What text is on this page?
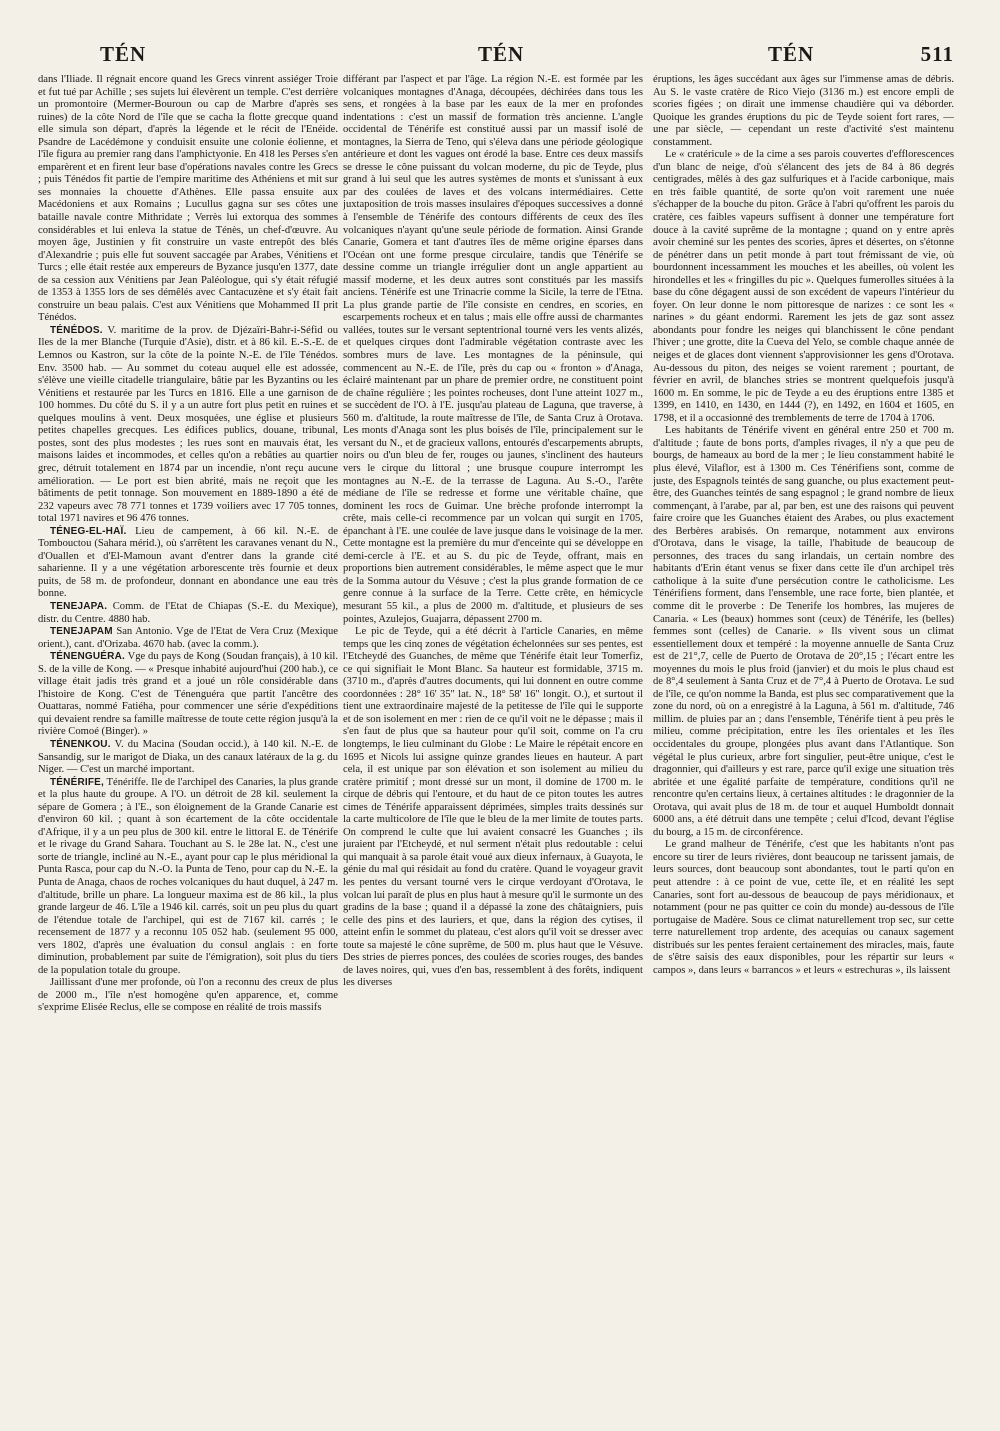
TÉN	TÉN	TÉN	511

dans l'Iliade. Il régnait encore quand les Grecs vinrent assiéger Troie et fut tué par Achille ; ses sujets lui élevèrent un temple. C'est derrière un promontoire (Mermer-Bouroun ou cap de Marbre d'après ses ruines) de la côte Nord de l'île que se cacha la flotte grecque quand elle simula son départ, d'après la légende et le récit de l'Enéide. Psandre de Lacédémone y conduisit ensuite une colonie éolienne, et l'île figura au premier rang dans l'amphictyonie. En 418 les Perses s'en emparèrent et en firent leur base d'opérations navales contre les Grecs ; puis Ténédos fit partie de l'empire maritime des Athéniens et mit sur ses monnaies la chouette d'Athènes. Elle passa ensuite aux Macédoniens et aux Romains ; Lucullus gagna sur ses côtes une bataille navale contre Mithridate ; Verrès lui extorqua des sommes considérables et lui enleva la statue de Ténès, un chef-d'œuvre. Au moyen âge, Justinien y fit construire un vaste entrepôt des blés d'Alexandrie ; puis elle fut souvent saccagée par Arabes, Vénitiens et Turcs ; elle était restée aux empereurs de Byzance jusqu'en 1377, date de sa cession aux Vénitiens par Jean Paléologue, qui s'y était réfugié de 1353 à 1355 lors de ses démêlés avec Cantacuzène et s'y était fait construire un beau palais. C'est aux Vénitiens que Mohammed II prit Ténédos.

TÉNÉDOS. V. maritime de la prov. de Djézaïri-Bahr-i-Séfid ou Iles de la mer Blanche (Turquie d'Asie), distr. et à 86 kil. E.-S.-E. de Lemnos ou Kastron, sur la côte de la pointe N.-E. de l'île Ténédos. Env. 3500 hab. — Au sommet du coteau auquel elle est adossée, s'élève une vieille citadelle triangulaire, bâtie par les Byzantins ou les Vénitiens et restaurée par les Turcs en 1816. Elle a une garnison de 100 hommes. Du côté du S. il y a un autre fort plus petit en ruines et quelques moulins à vent. Deux mosquées, une église et plusieurs petites chapelles grecques. Les édifices publics, douane, tribunal, postes, sont des plus modestes ; les rues sont en mauvais état, les maisons laides et incommodes, et celles qu'on a rebâties au quartier grec, détruit totalement en 1874 par un incendie, n'ont reçu aucune amélioration. — Le port est bien abrité, mais ne reçoit que les bâtiments de petit tonnage. Son mouvement en 1889-1890 a été de 232 vapeurs avec 78 771 tonnes et 1739 voiliers avec 17 705 tonnes, total 1971 navires et 96 476 tonnes.

TÉNEG-EL-HAÏ. Lieu de campement, à 66 kil. N.-E. de Tombouctou (Sahara mérid.), où s'arrêtent les caravanes venant du N., d'Ouallen et d'El-Mamoun avant d'entrer dans la grande cité saharienne. Il y a une végétation arborescente très fournie et deux puits, de 58 m. de profondeur, donnant en abondance une eau très bonne.

TENEJAPA. Comm. de l'Etat de Chiapas (S.-E. du Mexique), distr. du Centre. 4880 hab.

TENEJAPAM San Antonio. Vge de l'Etat de Vera Cruz (Mexique orient.), cant. d'Orizaba. 4670 hab. (avec la comm.).

TÉNENGUÉRA. Vge du pays de Kong (Soudan français), à 10 kil. S. de la ville de Kong. — « Presque inhabité aujourd'hui (200 hab.), ce village était jadis très grand et a joué un rôle considérable dans l'histoire de Kong. C'est de Ténenguéra que partit l'ancêtre des Ouattaras, nommé Fatiéha, pour commencer une série d'expéditions qui devaient rendre sa famille maîtresse de toute cette région jusqu'à la rivière Comoé (Binger). »

TÉNENKOU. V. du Macina (Soudan occid.), à 140 kil. N.-E. de Sansandig, sur le marigot de Diaka, un des canaux latéraux de la g. du Niger. — C'est un marché important.

TÉNÉRIFE, Ténériffe. Ile de l'archipel des Canaries, la plus grande et la plus haute du groupe. A l'O. un détroit de 28 kil. seulement la sépare de Gomera ; à l'E., son éloignement de la Grande Canarie est d'environ 60 kil. ; quant à son écartement de la côte occidentale d'Afrique, il y a un peu plus de 300 kil. entre le littoral E. de Ténérife et le rivage du Grand Sahara. Touchant au S. le 28e lat. N., c'est une sorte de triangle, incliné au N.-E., ayant pour cap le plus méridional la Punta Rasca, pour cap du N.-O. la Punta de Teno, pour cap du N.-E. la Punta de Anaga, chaos de roches volcaniques du haut duquel, à 247 m. d'altitude, brille un phare. La longueur maxima est de 86 kil., la plus grande largeur de 46. L'île a 1946 kil. carrés, soit un peu plus du quart de l'étendue totale de l'archipel, qui est de 7167 kil. carrés ; le recensement de 1877 y a reconnu 105 052 hab. (seulement 95 000, vers 1802, d'après une évaluation du consul anglais : en forte diminution, probablement par suite de l'émigration), soit plus du tiers de la population totale du groupe.

Jaillissant d'une mer profonde, où l'on a reconnu des creux de plus de 2000 m., l'île n'est homogène qu'en apparence, et, comme s'exprime Elisée Reclus, elle se compose en réalité de trois massifs

différant par l'aspect et par l'âge. La région N.-E. est formée par les volcaniques montagnes d'Anaga, découpées, déchirées dans tous les sens, et rongées à la base par les eaux de la mer en profondes indentations : c'est un massif de formation très ancienne. L'angle occidental de Ténérife est constitué aussi par un massif isolé de montagnes, la Sierra de Teno, qui s'éleva dans une période géologique antérieure et dont les vagues ont érodé la base. Entre ces deux massifs se dresse le cône puissant du volcan moderne, du pic de Teyde, plus grand à lui seul que les autres systèmes de monts et s'unissant à eux par des coulées de laves et des volcans intermédiaires. Cette juxtaposition de trois masses insulaires d'époques successives a donné à l'ensemble de Ténérife des contours différents de ceux des îles volcaniques n'ayant qu'une seule période de formation. Ainsi Grande Canarie, Gomera et tant d'autres îles de même origine éparses dans l'Océan ont une forme presque circulaire, tandis que Ténérife se dessine comme un triangle irrégulier dont un angle appartient au massif moderne, et les deux autres sont constitués par les massifs anciens. Ténérife est une Trinacrie comme la Sicile, la terre de l'Etna. La plus grande partie de l'île consiste en cendres, en scories, en escarpements rocheux et en talus ; mais elle offre aussi de charmantes vallées, toutes sur le versant septentrional tourné vers les vents alizés, et quelques cirques dont l'admirable végétation contraste avec les sombres murs de lave. Les montagnes de la péninsule, qui commencent au N.-E. de l'île, près du cap ou « fronton » d'Anaga, éclairé maintenant par un phare de premier ordre, ne constituent point de chaîne régulière ; les pointes rocheuses, dont l'une atteint 1027 m., se succèdent de l'O. à l'E. jusqu'au plateau de Laguna, que traverse, à 560 m. d'altitude, la route maîtresse de l'île, de Santa Cruz à Orotava. Les monts d'Anaga sont les plus boisés de l'île, principalement sur le versant du N., et de gracieux vallons, entourés d'escarpements abrupts, noirs ou d'un bleu de fer, rouges ou jaunes, s'inclinent des hauteurs vers le cirque du littoral ; une brusque coupure interrompt les montagnes au N.-E. de la terrasse de Laguna. Au S.-O., l'arête médiane de l'île se redresse et forme une véritable chaîne, que dominent les rocs de Guimar. Une brèche profonde interrompt la crête, mais celle-ci recommence par un volcan qui surgit en 1705, épanchant à l'E. une coulée de lave jusque dans le voisinage de la mer. Cette montagne est la première du mur d'enceinte qui se développe en demi-cercle à l'E. et au S. du pic de Teyde, offrant, mais en proportions bien autrement considérables, le même aspect que le mur de la Somma autour du Vésuve ; c'est la plus grande formation de ce genre connue à la surface de la Terre. Cette crête, en hémicycle mesurant 55 kil., a plus de 2000 m. d'altitude, et plusieurs de ses pointes, Azulejos, Guajarra, dépassent 2700 m.

Le pic de Teyde, qui a été décrit à l'article Canaries, en même temps que les cinq zones de végétation échelonnées sur ses pentes, est l'Etcheydé des Guanches, de même que Ténérife était leur Tomerfiz, ce qui signifiait le Mont Blanc. Sa hauteur est formidable, 3715 m. (3710 m., d'après d'autres documents, qui lui donnent en outre comme coordonnées : 28° 16' 35" lat. N., 18° 58' 16" longit. O.), et surtout il tient une extraordinaire majesté de la petitesse de l'île qui le supporte et de son isolement en mer : rien de ce qu'il voit ne le dépasse ; mais il s'en faut de plus que sa hauteur pour qu'il soit, comme on l'a cru longtemps, le lieu culminant du Globe : Le Maire le répétait encore en 1695 et Nicols lui assigne quinze grandes lieues en hauteur. A part cela, il est unique par son élévation et son isolement au milieu du cratère primitif ; mont dressé sur un mont, il domine de 1700 m. le cirque de débris qui l'entoure, et du haut de ce piton toutes les autres cimes de Ténérife apparaissent déprimées, simples traits dessinés sur la carte multicolore de l'île que le bleu de la mer limite de toutes parts. On comprend le culte que lui avaient consacré les Guanches ; ils juraient par l'Etcheydé, et nul serment n'était plus redoutable : celui qui manquait à sa parole était voué aux dieux infernaux, à Guayota, le génie du mal qui résidait au fond du cratère. Quand le voyageur gravit les pentes du versant tourné vers le cirque verdoyant d'Orotava, le volcan lui paraît de plus en plus haut à mesure qu'il le surmonte un des gradins de la base ; quand il a dépassé la zone des châtaigniers, puis celle des pins et des lauriers, et que, dans la région des cytises, il atteint enfin le sommet du plateau, c'est alors qu'il voit se dresser avec toute sa majesté le cône suprême, de 500 m. plus haut que le Vésuve. Des stries de pierres ponces, des coulées de scories rouges, des bandes de laves noires, qui, vues d'en bas, ressemblent à des forêts, indiquent les diverses

éruptions, les âges succédant aux âges sur l'immense amas de débris. Au S. le vaste cratère de Rico Viejo (3136 m.) est encore empli de scories figées ; on dirait une immense chaudière qui va déborder. Quoique les grandes éruptions du pic de Teyde soient fort rares, — une par siècle, — cependant un reste d'activité s'est maintenu constamment.

Le « cratéricule » de la cime a ses parois couvertes d'efflorescences d'un blanc de neige, d'où s'élancent des jets de 84 à 86 degrés centigrades, mêlés à des gaz sulfuriques et à l'acide carbonique, mais en très faible quantité, de sorte qu'on voit rarement une nuée s'échapper de la bouche du piton. Grâce à l'abri qu'offrent les parois du cratère, ces faibles vapeurs suffisent à donner une température fort douce à la cavité suprême de la montagne ; quand on y entre après avoir cheminé sur les pentes des scories, âpres et désertes, on s'étonne de pénétrer dans un petit monde à part tout frémissant de vie, où bourdonnent incessamment les mouches et les abeilles, où volent les hirondelles et les « fringilles du pic ». Quelques fumerolles situées à la base du cône dégagent aussi de son excédent de vapeurs l'intérieur du foyer. On leur donne le nom pittoresque de narizes : ce sont les « narines » du géant endormi. Rarement les jets de gaz sont assez abondants pour fondre les neiges qui blanchissent le cône pendant l'hiver ; une grotte, dite la Cueva del Yelo, se comble chaque année de neiges et de glaces dont viennent s'approvisionner les gens d'Orotava. Au-dessous du piton, des neiges se voient rarement ; pourtant, de février en avril, de blanches stries se montrent quelquefois jusqu'à 1600 m. En somme, le pic de Teyde a eu des éruptions entre 1385 et 1399, en 1410, en 1430, en 1444 (?), en 1492, en 1604 et 1605, en 1798, et il a occasionné des tremblements de terre de 1704 à 1706.

Les habitants de Ténérife vivent en général entre 250 et 700 m. d'altitude ; faute de bons ports, d'amples rivages, il n'y a que peu de bourgs, de hameaux au bord de la mer ; le lieu constamment habité le plus élevé, Vilaflor, est à 1300 m. Ces Ténérifiens sont, comme de juste, des Espagnols teintés de sang guanche, ou plus exactement peut-être, des Guanches teintés de sang espagnol ; le grand nombre de lieux commençant, à l'arabe, par al, par ben, est une des raisons qui peuvent faire croire que les Guanches étaient des Arabes, ou plus exactement des Berbères arabisés. On remarque, notamment aux environs d'Orotava, dans le visage, la taille, l'habitude de beaucoup de personnes, des traces du sang irlandais, un certain nombre des habitants d'Erin étant venus se fixer dans cette île d'un archipel très catholique à la suite d'une persécution contre le catholicisme. Les Ténérifiens forment, dans l'ensemble, une race forte, bien plantée, et comme dit le proverbe : De Tenerife los hombres, las mujeres de Canaria. « Les (beaux) hommes sont (ceux) de Ténérife, les (belles) femmes sont (celles) de Canarie. » Ils vivent sous un climat essentiellement doux et tempéré : la moyenne annuelle de Santa Cruz est de 21°,7, celle de Puerto de Orotava de 20°,15 ; l'écart entre les moyennes du mois le plus froid (janvier) et du mois le plus chaud est de 8°,4 seulement à Santa Cruz et de 7°,4 à Puerto de Orotava. Le sud de l'île, ce qu'on nomme la Banda, est plus sec comparativement que la zone du nord, où on a enregistré à la Laguna, à 561 m. d'altitude, 746 millim. de pluies par an ; dans l'ensemble, Ténérife tient à peu près le milieu, comme précipitation, entre les îles orientales et les îles occidentales du groupe, plongées plus avant dans l'Atlantique. Son végétal le plus curieux, arbre fort singulier, peut-être unique, c'est le dragonnier, qui d'ailleurs y est rare, parce qu'il exige une situation très abritée et une égalité parfaite de température, conditions qu'il ne rencontre qu'en certains lieux, à certaines altitudes : le dragonnier de la Orotava, qui avait plus de 18 m. de tour et auquel Humboldt donnait 6000 ans, a été détruit dans une tempête ; celui d'Icod, devant l'église du bourg, a 15 m. de circonférence.

Le grand malheur de Ténérife, c'est que les habitants n'ont pas encore su tirer de leurs rivières, dont beaucoup ne tarissent jamais, de leurs sources, dont beaucoup sont abondantes, tout le parti qu'on en peut attendre : à ce point de vue, cette île, et en réalité les sept Canaries, sont fort au-dessous de beaucoup de pays méridionaux, et notamment (pour ne pas quitter ce coin du monde) au-dessous de l'île portugaise de Madère. Sous ce climat naturellement trop sec, sur cette terre naturellement trop ardente, des acequias ou canaux sagement distribués sur les pentes feraient certainement des miracles, mais, faute de s'être saisis des eaux disponibles, pour les répartir sur leurs « campos », dans leurs « barrancos » et leurs « estrechuras », ils laissent
